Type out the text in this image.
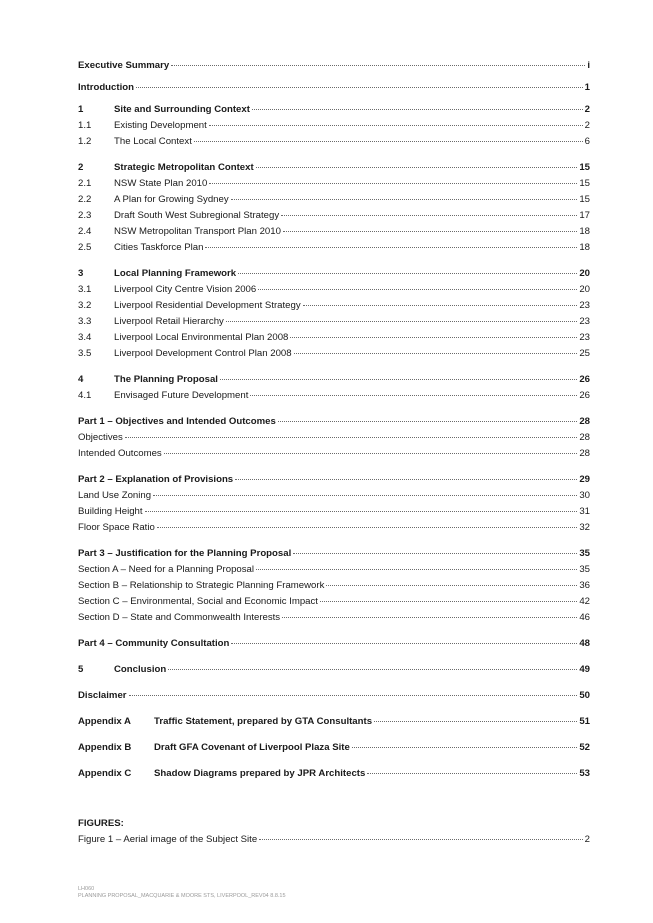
Executive Summary	i
Introduction	1
1	Site and Surrounding Context	2
1.1	Existing Development	2
1.2	The Local Context	6
2	Strategic Metropolitan Context	15
2.1	NSW State Plan 2010	15
2.2	A Plan for Growing Sydney	15
2.3	Draft South West Subregional Strategy	17
2.4	NSW Metropolitan Transport Plan 2010	18
2.5	Cities Taskforce Plan	18
3	Local Planning Framework	20
3.1	Liverpool City Centre Vision 2006	20
3.2	Liverpool Residential Development Strategy	23
3.3	Liverpool Retail Hierarchy	23
3.4	Liverpool Local Environmental Plan 2008	23
3.5	Liverpool Development Control Plan 2008	25
4	The Planning Proposal	26
4.1	Envisaged Future Development	26
Part 1 – Objectives and Intended Outcomes	28
Objectives	28
Intended Outcomes	28
Part 2 – Explanation of Provisions	29
Land Use Zoning	30
Building Height	31
Floor Space Ratio	32
Part 3 – Justification for the Planning Proposal	35
Section A – Need for a Planning Proposal	35
Section B – Relationship to Strategic Planning Framework	36
Section C – Environmental, Social and Economic Impact	42
Section D – State and Commonwealth Interests	46
Part 4 – Community Consultation	48
5	Conclusion	49
Disclaimer	50
Appendix A	Traffic Statement, prepared by GTA Consultants	51
Appendix B	Draft GFA Covenant of Liverpool Plaza Site	52
Appendix C	Shadow Diagrams prepared by JPR Architects	53
FIGURES:
Figure 1 – Aerial image of the Subject Site	2
LH060
PLANNING PROPOSAL_MACQUARIE & MOORE STS, LIVERPOOL_REV04 8.8.15
